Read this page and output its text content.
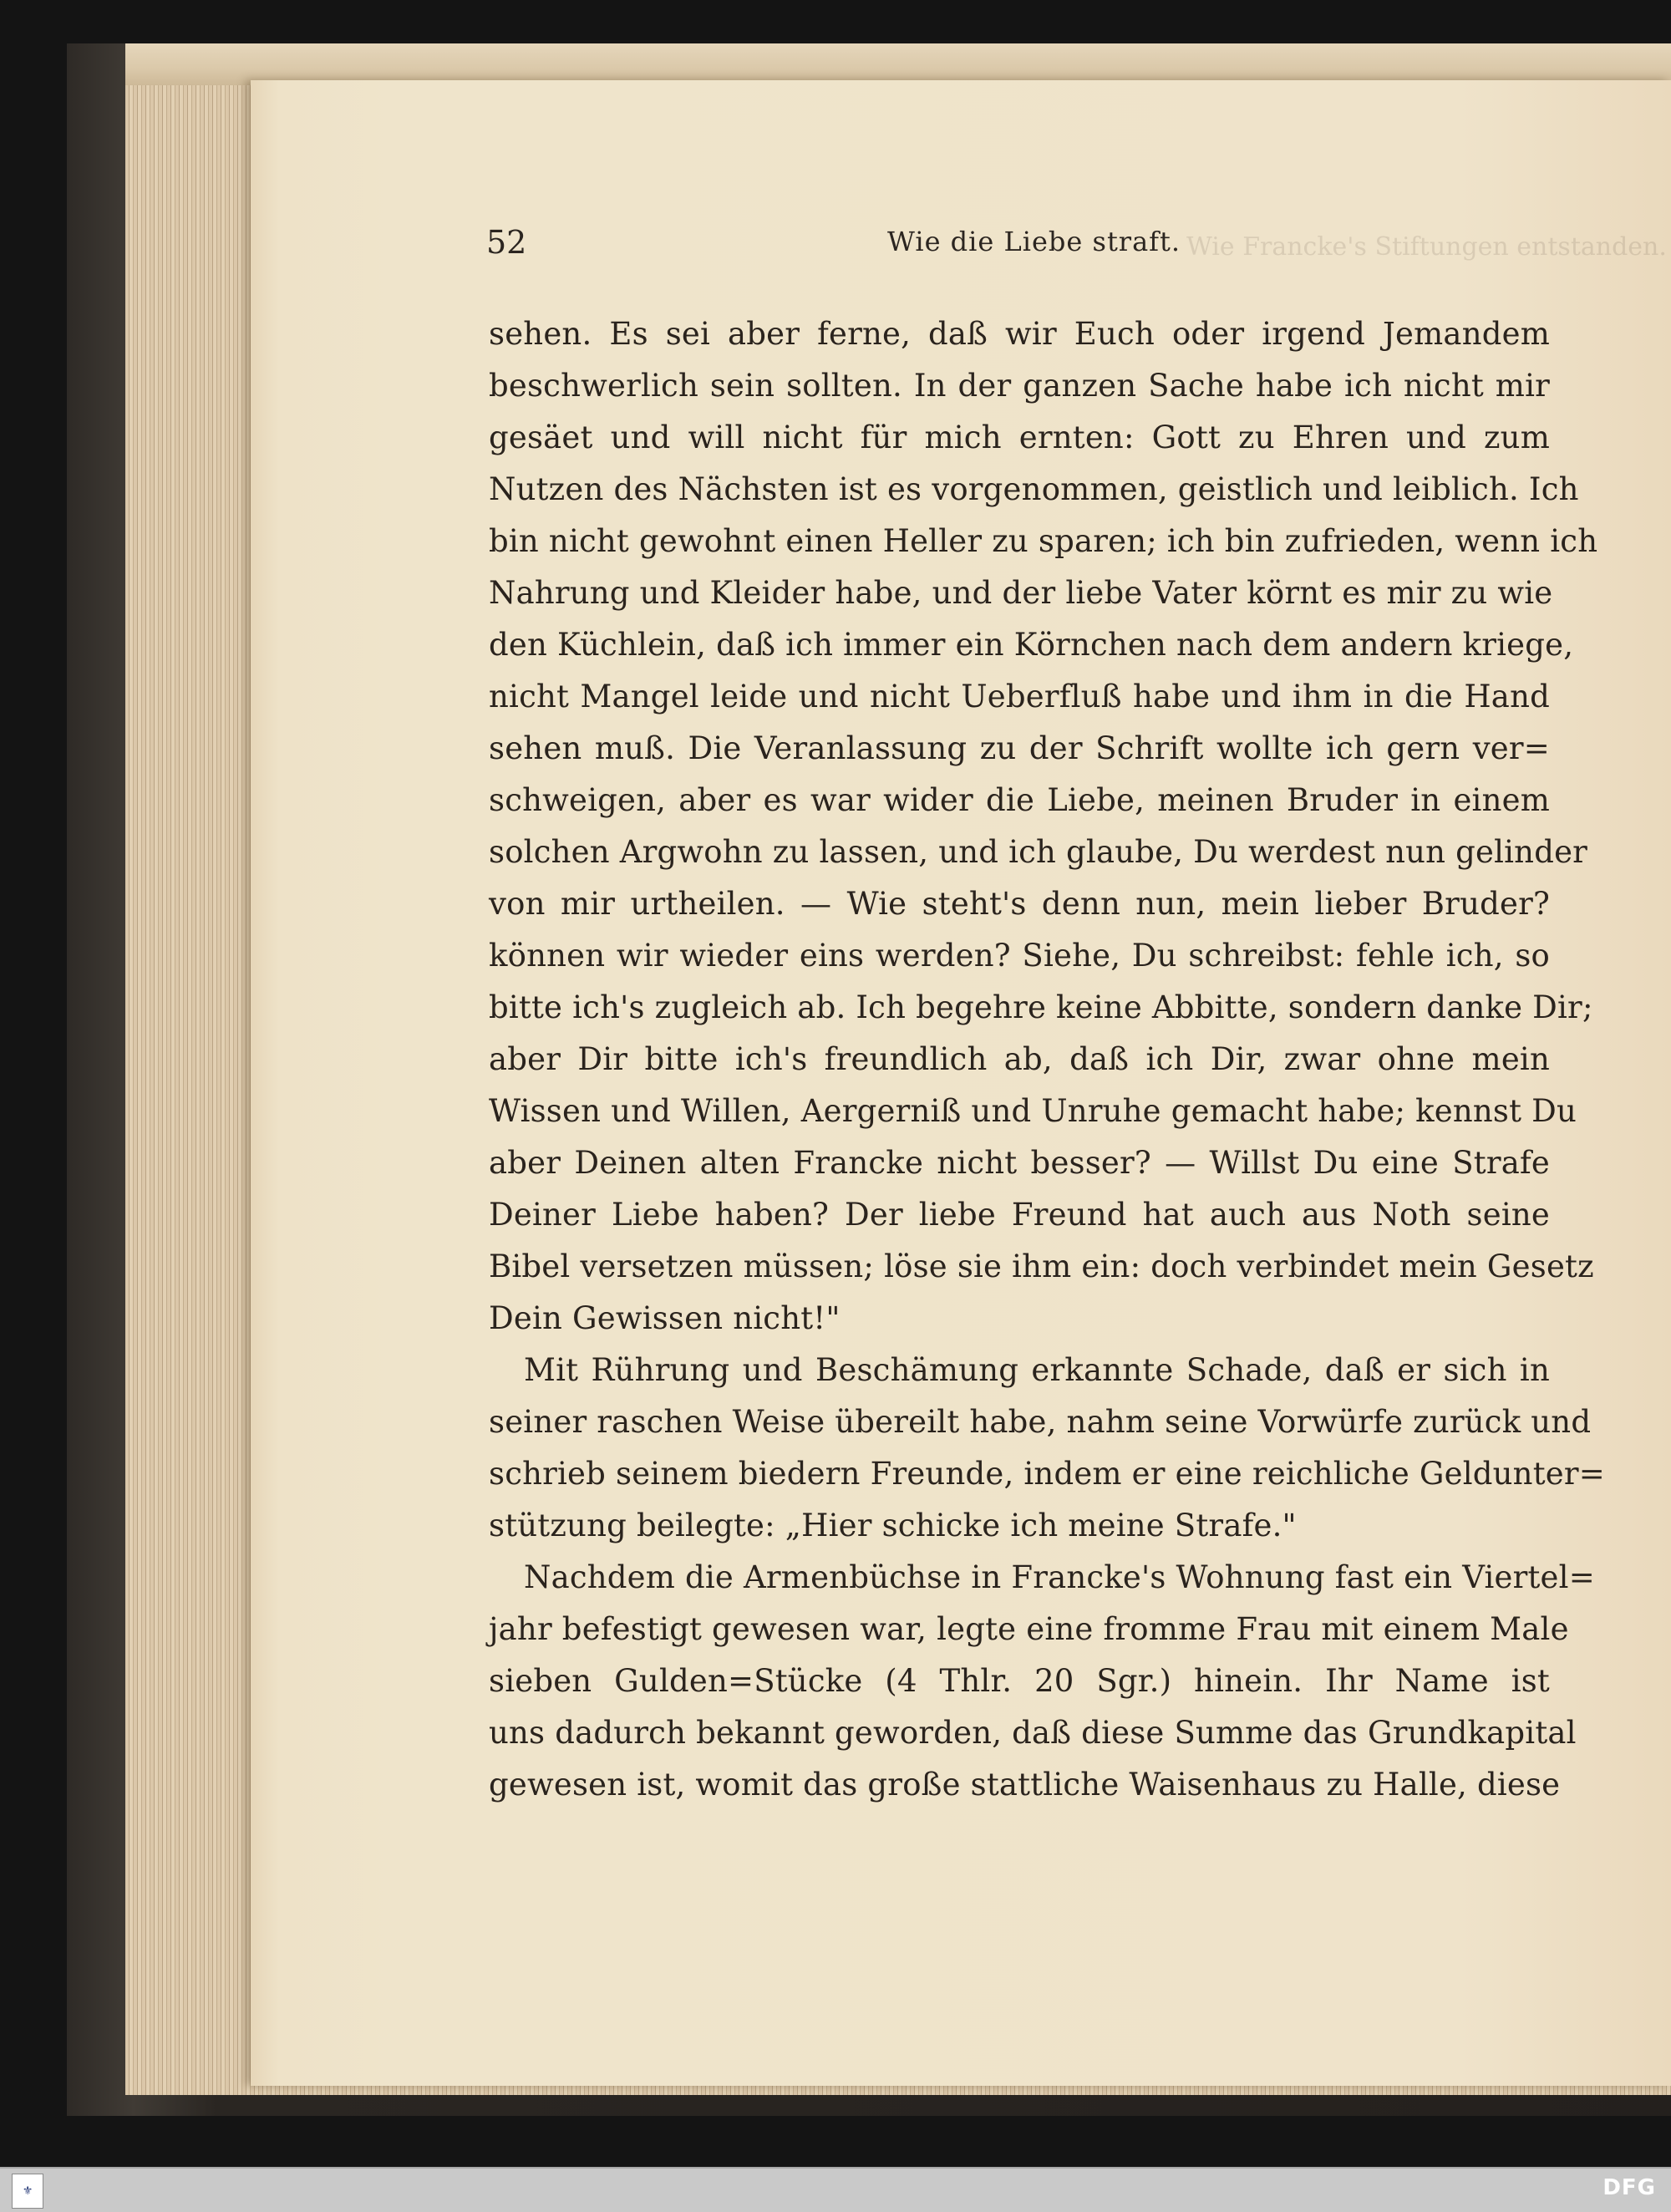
Wie Francke's Stiftungen entstanden.
52	Wie die Liebe straft.
sehen. Es sei aber ferne, daß wir Euch oder irgend Jemandem
beschwerlich sein sollten. In der ganzen Sache habe ich nicht mir
gesäet und will nicht für mich ernten: Gott zu Ehren und zum
Nutzen des Nächsten ist es vorgenommen, geistlich und leiblich. Ich
bin nicht gewohnt einen Heller zu sparen; ich bin zufrieden, wenn ich
Nahrung und Kleider habe, und der liebe Vater körnt es mir zu wie
den Küchlein, daß ich immer ein Körnchen nach dem andern kriege,
nicht Mangel leide und nicht Ueberfluß habe und ihm in die Hand
sehen muß. Die Veranlassung zu der Schrift wollte ich gern ver=
schweigen, aber es war wider die Liebe, meinen Bruder in einem
solchen Argwohn zu lassen, und ich glaube, Du werdest nun gelinder
von mir urtheilen. — Wie steht's denn nun, mein lieber Bruder?
können wir wieder eins werden? Siehe, Du schreibst: fehle ich, so
bitte ich's zugleich ab. Ich begehre keine Abbitte, sondern danke Dir;
aber Dir bitte ich's freundlich ab, daß ich Dir, zwar ohne mein
Wissen und Willen, Aergerniß und Unruhe gemacht habe; kennst Du
aber Deinen alten Francke nicht besser? — Willst Du eine Strafe
Deiner Liebe haben? Der liebe Freund hat auch aus Noth seine
Bibel versetzen müssen; löse sie ihm ein: doch verbindet mein Gesetz
Dein Gewissen nicht!"
Mit Rührung und Beschämung erkannte Schade, daß er sich in
seiner raschen Weise übereilt habe, nahm seine Vorwürfe zurück und
schrieb seinem biedern Freunde, indem er eine reichliche Geldunter=
stützung beilegte: „Hier schicke ich meine Strafe."
Nachdem die Armenbüchse in Francke's Wohnung fast ein Viertel=
jahr befestigt gewesen war, legte eine fromme Frau mit einem Male
sieben Gulden=Stücke (4 Thlr. 20 Sgr.) hinein. Ihr Name ist
uns dadurch bekannt geworden, daß diese Summe das Grundkapital
gewesen ist, womit das große stattliche Waisenhaus zu Halle, diese
⚜	DFG
